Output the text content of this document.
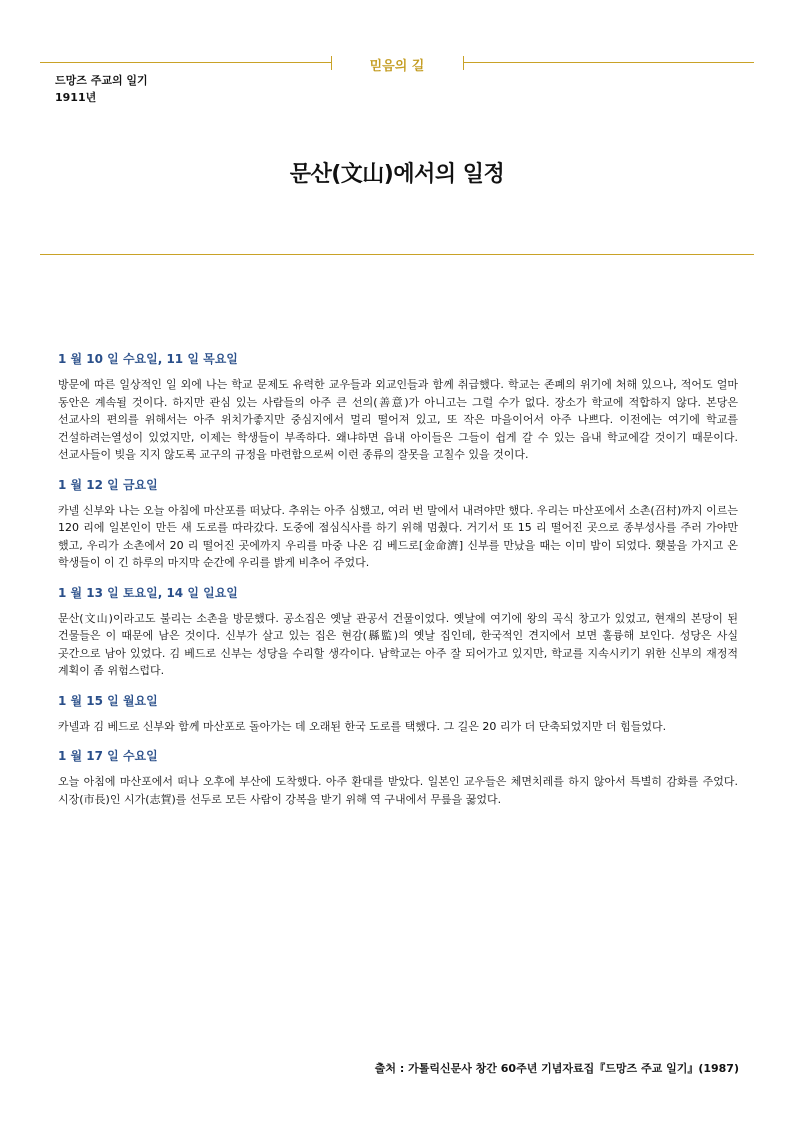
믿음의 길
드망즈 주교의 일기
1911년
문산(文山)에서의 일정
1 월 10 일 수요일, 11 일 목요일

방문에 따른 일상적인 일 외에 나는 학교 문제도 유력한 교우들과 외교인들과 함께 취급했다. 학교는 존폐의 위기에 처해 있으나, 적어도 얼마 동안은 계속될 것이다. 하지만 관심 있는 사람들의 아주 큰 선의(善意)가 아니고는 그럴 수가 없다. 장소가 학교에 적합하지 않다. 본당은 선교사의 편의를 위해서는 아주 위치가좋지만 중심지에서 멀리 떨어져 있고, 또 작은 마을이어서 아주 나쁘다. 이전에는 여기에 학교를 건설하려는열성이 있었지만, 이제는 학생들이 부족하다. 왜냐하면 읍내 아이들은 그들이 쉽게 갈 수 있는 읍내 학교에갈 것이기 때문이다. 선교사들이 빚을 지지 않도록 교구의 규정을 마련함으로써 이런 종류의 잘못을 고칠수 있을 것이다.

1 월 12 일 금요일

카넬 신부와 나는 오늘 아침에 마산포를 떠났다. 추위는 아주 심했고, 여러 번 말에서 내려야만 했다. 우리는 마산포에서 소촌(召村)까지 이르는 120 리에 일본인이 만든 새 도로를 따라갔다. 도중에 점심식사를 하기 위해 멈췄다. 거기서 또 15 리 떨어진 곳으로 종부성사를 주러 가야만 했고, 우리가 소촌에서 20 리 떨어진 곳에까지 우리를 마중 나온 김 베드로[金命濟] 신부를 만났을 때는 이미 밤이 되었다. 횃불을 가지고 온 학생들이 이 긴 하루의 마지막 순간에 우리를 밝게 비추어 주었다.

1 월 13 일 토요일, 14 일 일요일

문산(文山)이라고도 불리는 소촌을 방문했다. 공소집은 옛날 관공서 건물이었다. 옛날에 여기에 왕의 곡식 창고가 있었고, 현재의 본당이 된 건물들은 이 때문에 남은 것이다. 신부가 살고 있는 집은 현감(縣監)의 옛날 집인데, 한국적인 견지에서 보면 훌륭해 보인다. 성당은 사실 곳간으로 남아 있었다. 김 베드로 신부는 성당을 수리할 생각이다. 남학교는 아주 잘 되어가고 있지만, 학교를 지속시키기 위한 신부의 재정적 계획이 좀 위험스럽다.

1 월 15 일 월요일

카넬과 김 베드로 신부와 함께 마산포로 돌아가는 데 오래된 한국 도로를 택했다. 그 길은 20 리가 더 단축되었지만 더 힘들었다.

1 월 17 일 수요일

오늘 아침에 마산포에서 떠나 오후에 부산에 도착했다. 아주 환대를 받았다. 일본인 교우들은 체면치레를 하지 않아서 특별히 감화를 주었다. 시장(市長)인 시가(志賀)를 선두로 모든 사람이 강복을 받기 위해 역 구내에서 무릎을 꿇었다.

출처 : 가톨릭신문사 창간 60주년 기념자료집『드망즈 주교 일기』(1987)
